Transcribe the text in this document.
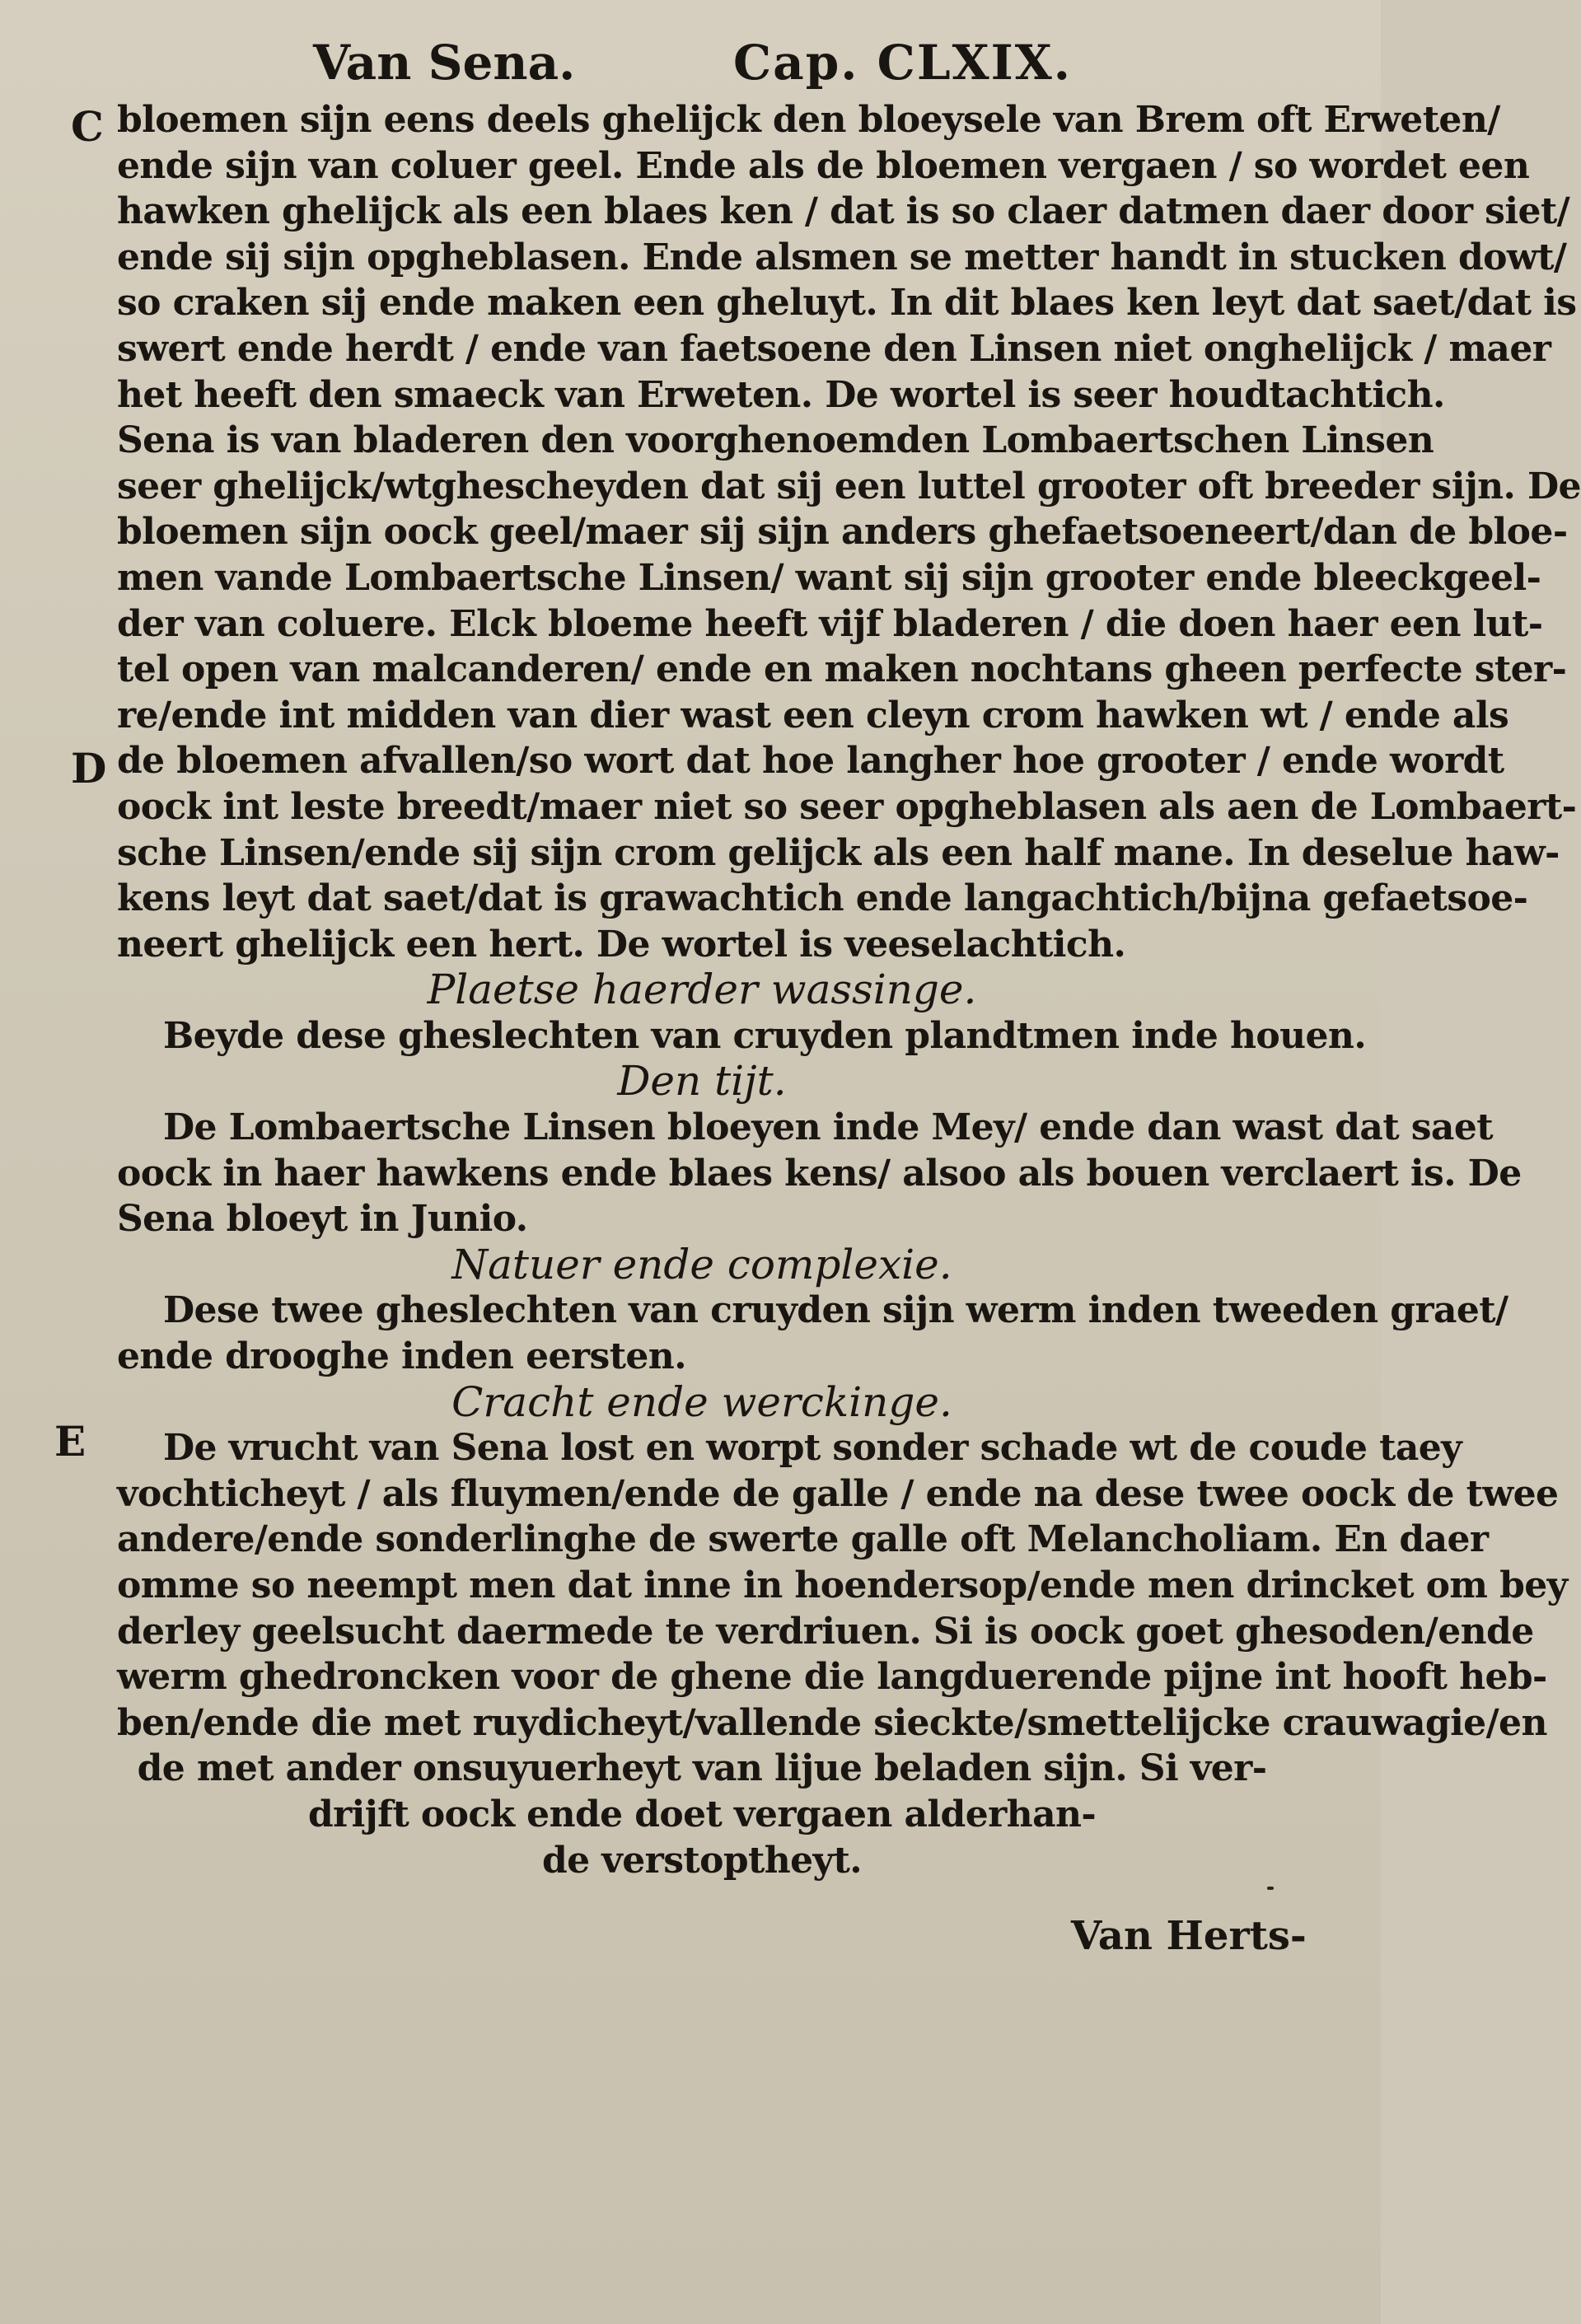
Van Sena.	Cap. CLXIX.
C
D
E
bloemen sijn eens deels ghelijck den bloeysele van Brem oft Erweten/
ende sijn van coluer geel. Ende als de bloemen vergaen / so wordet een
hawken ghelijck als een blaes ken / dat is so claer datmen daer door siet/
ende sij sijn opgheblasen. Ende alsmen se metter handt in stucken dowt/
so craken sij ende maken een gheluyt. In dit blaes ken leyt dat saet/dat is
swert ende herdt / ende van faetsoene den Linsen niet onghelijck / maer
het heeft den smaeck van Erweten. De wortel is seer houdtachtich.
Sena is van bladeren den voorghenoemden Lombaertschen Linsen
seer ghelijck/wtghescheyden dat sij een luttel grooter oft breeder sijn. De
bloemen sijn oock geel/maer sij sijn anders ghefaetsoeneert/dan de bloe-
men vande Lombaertsche Linsen/ want sij sijn grooter ende bleeckgeel-
der van coluere. Elck bloeme heeft vijf bladeren / die doen haer een lut-
tel open van malcanderen/ ende en maken nochtans gheen perfecte ster-
re/ende int midden van dier wast een cleyn crom hawken wt / ende als
de bloemen afvallen/so wort dat hoe langher hoe grooter / ende wordt
oock int leste breedt/maer niet so seer opgheblasen als aen de Lombaert-
sche Linsen/ende sij sijn crom gelijck als een half mane. In deselue haw-
kens leyt dat saet/dat is grawachtich ende langachtich/bijna gefaetsoe-
neert ghelijck een hert. De wortel is veeselachtich.
Plaetse haerder wassinge.
Beyde dese gheslechten van cruyden plandtmen inde houen.
Den tijt.
De Lombaertsche Linsen bloeyen inde Mey/ ende dan wast dat saet
oock in haer hawkens ende blaes kens/ alsoo als bouen verclaert is. De
Sena bloeyt in Junio.
Natuer ende complexie.
Dese twee gheslechten van cruyden sijn werm inden tweeden graet/
ende drooghe inden eersten.
Cracht ende werckinge.
De vrucht van Sena lost en worpt sonder schade wt de coude taey
vochticheyt / als fluymen/ende de galle / ende na dese twee oock de twee
andere/ende sonderlinghe de swerte galle oft Melancholiam. En daer
omme so neempt men dat inne in hoendersop/ende men drincket om bey
derley geelsucht daermede te verdriuen. Si is oock goet ghesoden/ende
werm ghedroncken voor de ghene die langduerende pijne int hooft heb-
ben/ende die met ruydicheyt/vallende sieckte/smettelijcke crauwagie/en
de met ander onsuyuerheyt van lijue beladen sijn. Si ver-
drijft oock ende doet vergaen alderhan-
de verstoptheyt.
Van Herts-
